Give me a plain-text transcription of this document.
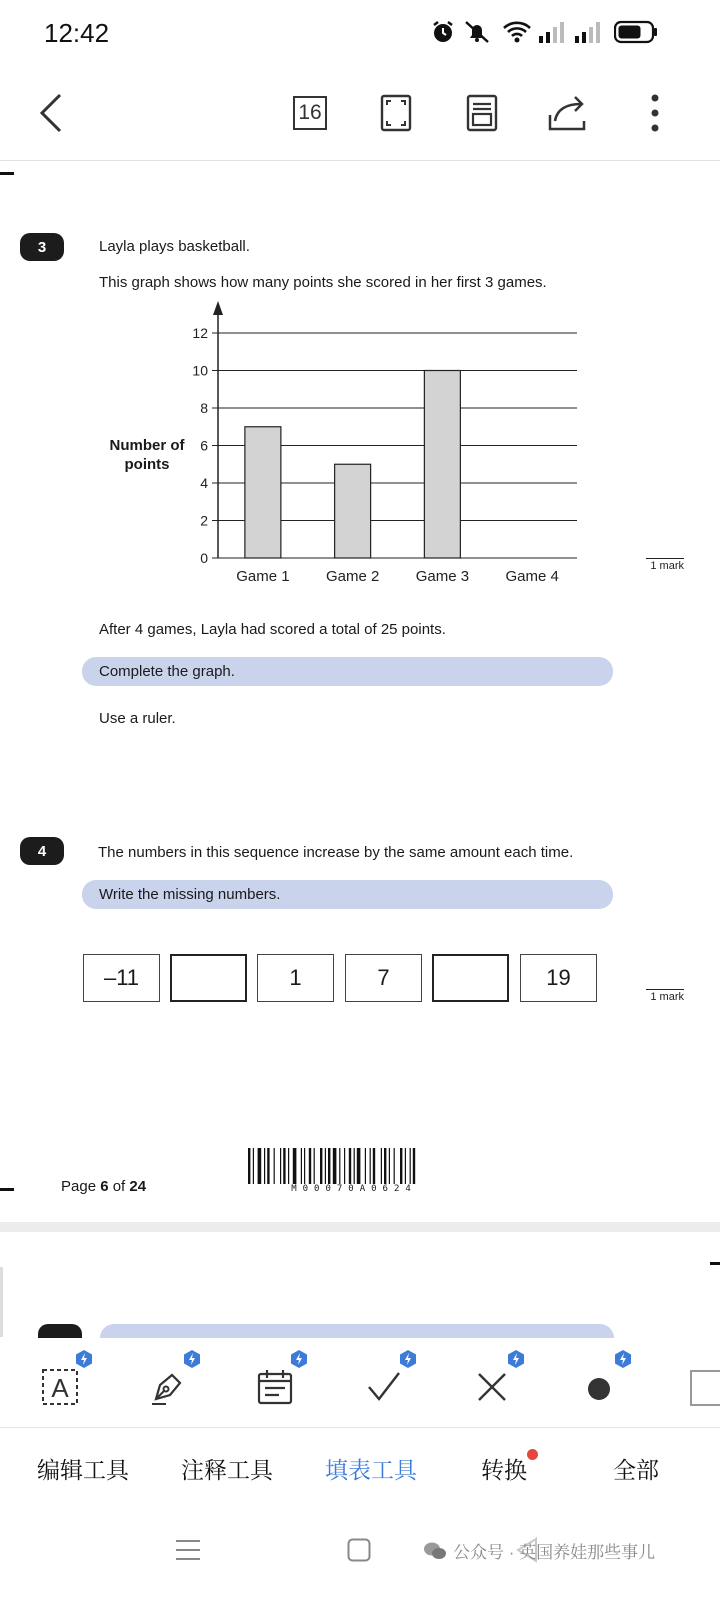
12:42
16
3	Layla plays basketball.
This graph shows how many points she scored in her first 3 games.
0
2
4
6
8
10
12
Game 1 Game 2 Game 3 Game 4
Number of points
1 mark
After 4 games, Layla had scored a total of 25 points.
Complete the graph.
Use a ruler.
4	The numbers in this sequence increase by the same amount each time.
Write the missing numbers.
–11	1	7	19
1 mark
Page 6 of 24	M00070A0624
A
编辑工具 注释工具 填表工具	转换	全部
公众号 · 英国养娃那些事儿
